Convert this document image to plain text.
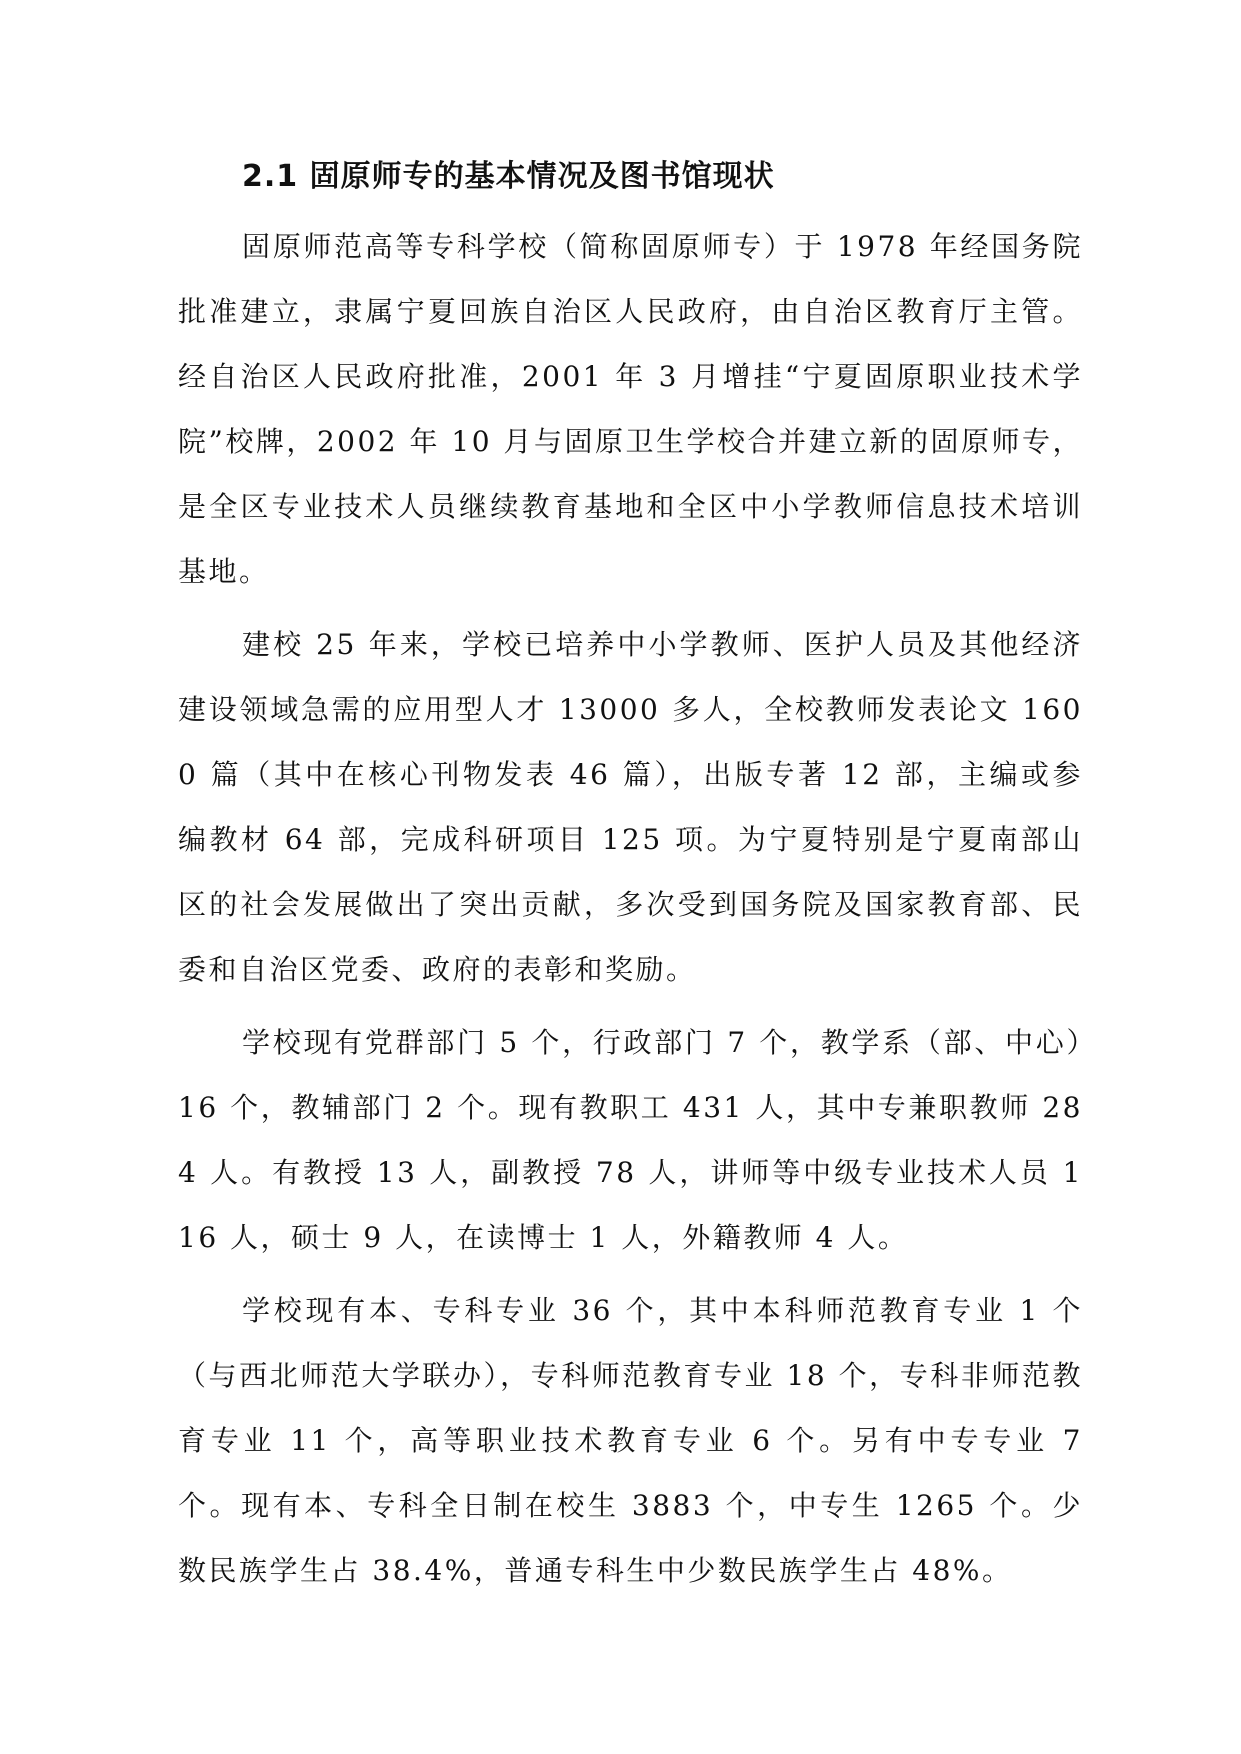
2.1 固原师专的基本情况及图书馆现状

固原师范高等专科学校（简称固原师专）于 1978 年经国务院批准建立，隶属宁夏回族自治区人民政府，由自治区教育厅主管。经自治区人民政府批准，2001 年 3 月增挂“宁夏固原职业技术学院”校牌，2002 年 10 月与固原卫生学校合并建立新的固原师专，是全区专业技术人员继续教育基地和全区中小学教师信息技术培训基地。

建校 25 年来，学校已培养中小学教师、医护人员及其他经济建设领域急需的应用型人才 13000 多人，全校教师发表论文 1600 篇（其中在核心刊物发表 46 篇），出版专著 12 部，主编或参编教材 64 部，完成科研项目 125 项。为宁夏特别是宁夏南部山区的社会发展做出了突出贡献，多次受到国务院及国家教育部、民委和自治区党委、政府的表彰和奖励。

学校现有党群部门 5 个，行政部门 7 个，教学系（部、中心）16 个，教辅部门 2 个。现有教职工 431 人，其中专兼职教师 284 人。有教授 13 人，副教授 78 人，讲师等中级专业技术人员 116 人，硕士 9 人，在读博士 1 人，外籍教师 4 人。

学校现有本、专科专业 36 个，其中本科师范教育专业 1 个（与西北师范大学联办），专科师范教育专业 18 个，专科非师范教育专业 11 个，高等职业技术教育专业 6 个。另有中专专业 7 个。现有本、专科全日制在校生 3883 个，中专生 1265 个。少数民族学生占 38.4%，普通专科生中少数民族学生占 48%。
